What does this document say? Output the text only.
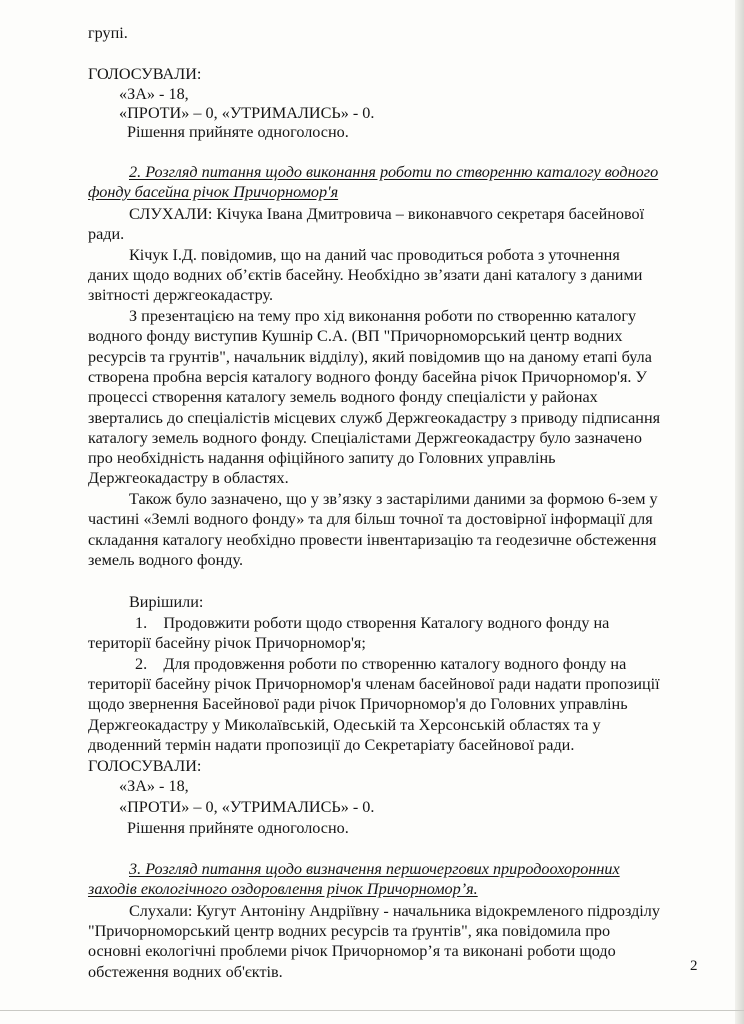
групі.
ГОЛОСУВАЛИ:
«ЗА» - 18,
«ПРОТИ» – 0, «УТРИМАЛИСЬ» - 0.
Рішення прийняте одноголосно.
2. Розгляд питання щодо виконання роботи по створенню каталогу водного
фонду басейна річок Причорномор'я
СЛУХАЛИ: Кічука Івана Дмитровича – виконавчого секретаря басейнової
ради.
Кічук І.Д. повідомив, що на даний час проводиться робота з уточнення
даних щодо водних об’єктів басейну. Необхідно зв’язати дані каталогу з даними
звітності держгеокадастру.
З презентацією на тему про хід виконання роботи по створенню каталогу
водного фонду виступив Кушнір С.А. (ВП "Причорноморський центр водних
ресурсів та грунтів", начальник відділу), який повідомив що на даному етапі була
створена пробна версія каталогу водного фонду басейна річок Причорномор'я. У
процессі створення каталогу земель водного фонду спеціалісти у районах
звертались до спеціалістів місцевих служб Держгеокадастру з приводу підписання
каталогу земель водного фонду. Спеціалістами Держгеокадастру було зазначено
про необхідність надання офіційного запиту до Головних управлінь
Держгеокадастру в областях.
Також було зазначено, що у зв’язку з застарілими даними за формою 6-зем у
частині «Землі водного фонду» та для більш точної та достовірної інформації для
складання каталогу необхідно провести інвентаризацію та геодезичне обстеження
земель водного фонду.
Вирішили:
1.    Продовжити роботи щодо створення Каталогу водного фонду на
території басейну річок Причорномор'я;
2.    Для продовження роботи по створенню каталогу водного фонду на
території басейну річок Причорномор'я членам басейнової ради надати пропозиції
щодо звернення Басейнової ради річок Причорномор'я до Головних управлінь
Держгеокадастру у Миколаївській, Одеській та Херсонській областях та у
дводенний термін надати пропозиції до Секретаріату басейнової ради.
ГОЛОСУВАЛИ:
«ЗА» - 18,
«ПРОТИ» – 0, «УТРИМАЛИСЬ» - 0.
Рішення прийняте одноголосно.
3. Розгляд питання щодо визначення першочергових природоохоронних
заходів екологічного оздоровлення річок Причорномор’я.
Слухали: Кугут Антоніну Андріївну - начальника відокремленого підрозділу
"Причорноморський центр водних ресурсів та ґрунтів", яка повідомила про
основні екологічні проблеми річок Причорномор’я та виконані роботи щодо
обстеження водних об'єктів.	2
